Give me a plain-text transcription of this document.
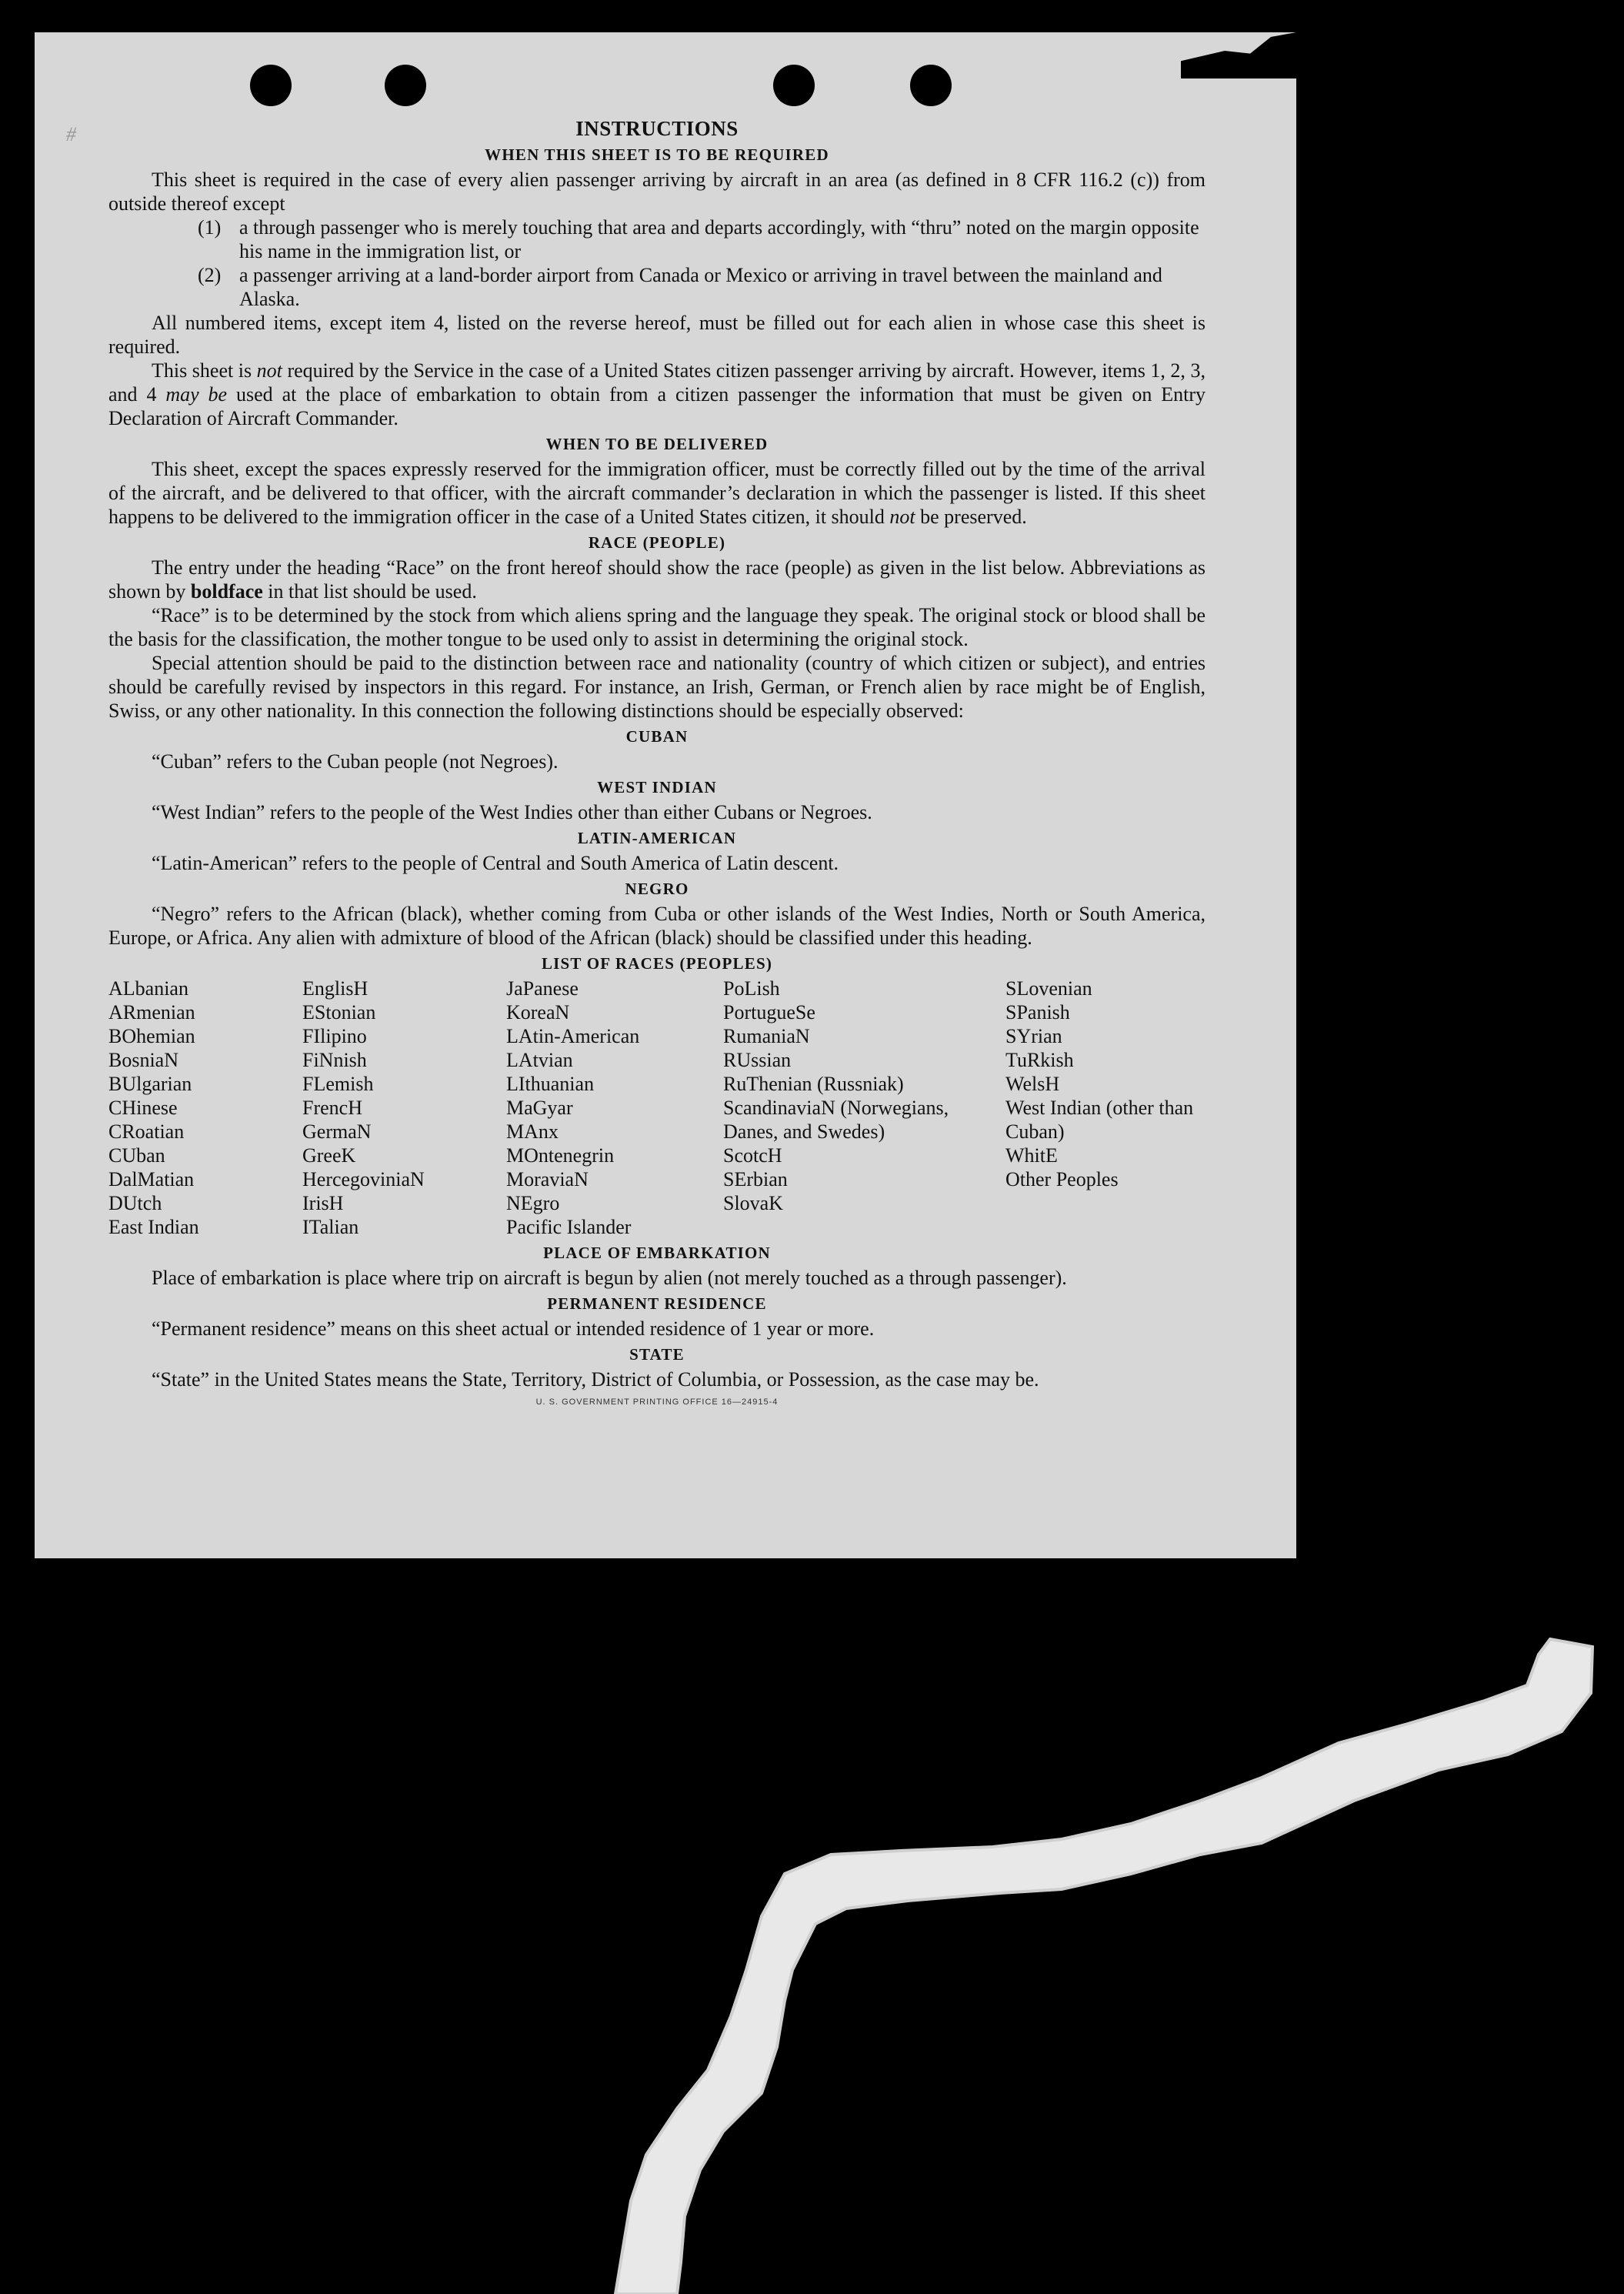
INSTRUCTIONS
WHEN THIS SHEET IS TO BE REQUIRED

This sheet is required in the case of every alien passenger arriving by aircraft in an area (as defined in 8 CFR 116.2 (c)) from outside thereof except

(1) a through passenger who is merely touching that area and departs accordingly, with “thru” noted on the margin opposite his name in the immigration list, or
(2) a passenger arriving at a land-border airport from Canada or Mexico or arriving in travel between the mainland and Alaska.

All numbered items, except item 4, listed on the reverse hereof, must be filled out for each alien in whose case this sheet is required.

This sheet is not required by the Service in the case of a United States citizen passenger arriving by aircraft. However, items 1, 2, 3, and 4 may be used at the place of embarkation to obtain from a citizen passenger the information that must be given on Entry Declaration of Aircraft Commander.

WHEN TO BE DELIVERED

This sheet, except the spaces expressly reserved for the immigration officer, must be correctly filled out by the time of the arrival of the aircraft, and be delivered to that officer, with the aircraft commander’s declaration in which the passenger is listed. If this sheet happens to be delivered to the immigration officer in the case of a United States citizen, it should not be preserved.

RACE (PEOPLE)

The entry under the heading “Race” on the front hereof should show the race (people) as given in the list below. Abbreviations as shown by boldface in that list should be used.

“Race” is to be determined by the stock from which aliens spring and the language they speak. The original stock or blood shall be the basis for the classification, the mother tongue to be used only to assist in determining the original stock.

Special attention should be paid to the distinction between race and nationality (country of which citizen or subject), and entries should be carefully revised by inspectors in this regard. For instance, an Irish, German, or French alien by race might be of English, Swiss, or any other nationality. In this connection the following distinctions should be especially observed:

CUBAN

“Cuban” refers to the Cuban people (not Negroes).

WEST INDIAN

“West Indian” refers to the people of the West Indies other than either Cubans or Negroes.

LATIN-AMERICAN

“Latin-American” refers to the people of Central and South America of Latin descent.

NEGRO

“Negro” refers to the African (black), whether coming from Cuba or other islands of the West Indies, North or South America, Europe, or Africa. Any alien with admixture of blood of the African (black) should be classified under this heading.

LIST OF RACES (PEOPLES)
ALbanian
ARmenian
BOhemian
BosniaN
BUlgarian
CHinese
CRoatian
CUban
DalMatian
DUtch
East Indian
EnglisH
EStonian
FIlipino
FiNnish
FLemish
FrencH
GermaN
GreeK
HercegoviniaN
IrisH
ITalian
JaPanese
KoreaN
LAtin-American
LAtvian
LIthuanian
MaGyar
MAnx
MOntenegrin
MoraviaN
NEgro
Pacific Islander
PoLish
PortugueSe
RumaniaN
RUssian
RuThenian (Russniak)
ScandinaviaN (Norwegians, Danes, and Swedes)
ScotcH
SErbian
SlovaK
SLovenian
SPanish
SYrian
TuRkish
WelsH
West Indian (other than Cuban)
WhitE
Other Peoples
PLACE OF EMBARKATION

Place of embarkation is place where trip on aircraft is begun by alien (not merely touched as a through passenger).

PERMANENT RESIDENCE

“Permanent residence” means on this sheet actual or intended residence of 1 year or more.

STATE

“State” in the United States means the State, Territory, District of Columbia, or Possession, as the case may be.

U. S. GOVERNMENT PRINTING OFFICE 16—24915-4
#
